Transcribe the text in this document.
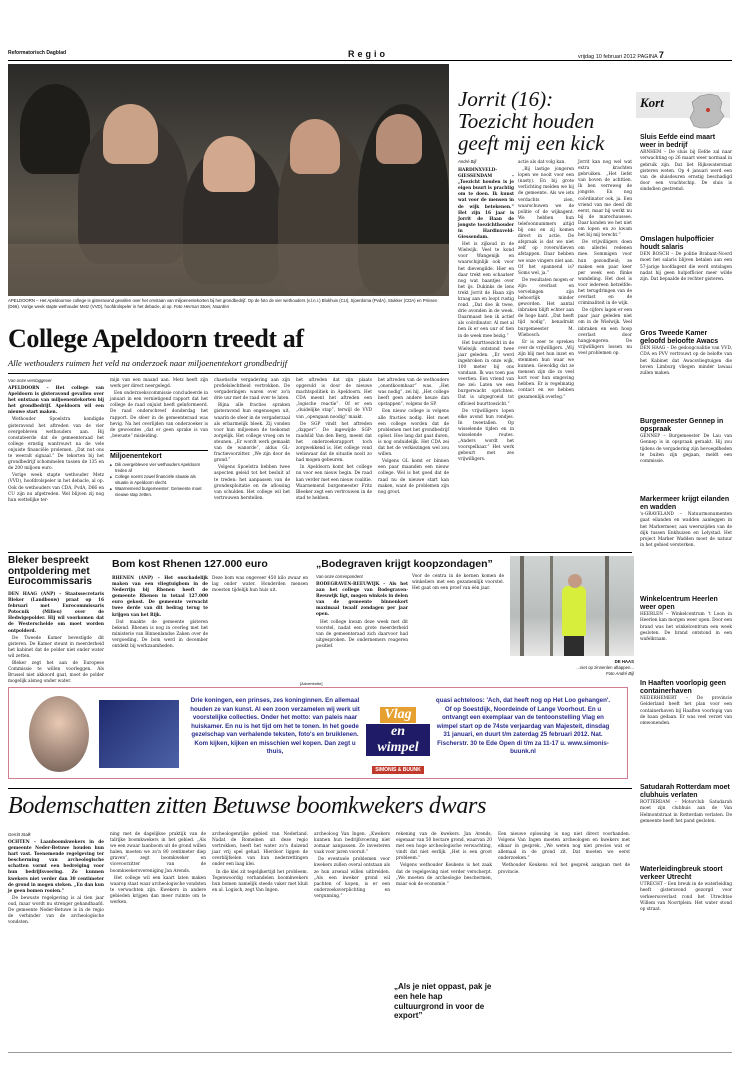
Reformatorisch Dagblad	Regio	vrijdag 10 februari 2012 PAGINA 7
APELDOORN – Het Apeldoornse college is gisteravond gevallen over het omstaan van miljoenentekorten bij het grondbedrijf. Op de foto de vier wethouders (v.l.n.r.) Blokhuis (CU), Sjoerdsma (PvdA), Stukker (CDA) en Prinsen (D66). Vorige week stapte wethouder Metz (VVD), hoofdrolspeler in het debacle, al op. Foto Herman Stoer, Naarden
College Apeldoorn treedt af
Alle wethouders ruimen het veld na onderzoek naar miljoenentekort grondbedrijf
Van onze verslaggever

APELDOORN – Het college van Apeldoorn is gisteravond gevallen over het ontstaan van miljoenentekorten bij het grondbedrijf. Apeldoorn wil een nieuwe start maken.

Wethouder Spoelstra kondigde gisteravond het aftreden van de vier overgebleven wethouders aan. Hij constateerde dat de gemeenteraad het college ernstig wantrouwt na de vele onjuiste financiële prolemen. „Dat nut ons te weeralt signaal.” De tekorten bij het grondbedrijf schommelen tussen de 135 en de 200 miljoen euro.

Vorige week stapte wethouder Metz (VVD), hoofdrolspeler in het debacle, al op. Ook de wethouders van CDA, PvdA, D66 en CU zijn nu afgetreden. Wel blijven zij nog hun wettelijke ter-

mijn van een maand aan. Metz heeft zijn werk per direct neergelegd.

Een onderzoekscommissie concludeerde in januari in een vernietigend rapport dat het college de raad onjuist heeft geïnformeerd. De raad onderschreef donderdag het rapport. De sfeer in de gemeenteraad was hevig. Na het overlijden van onderzoeker is de gewoontes „dat er geen sprake is van „bewuste” misleiding.

Miljoenentekort
■ Dik overgebleven vier wethouders Apeldoorn treden af
■ College noemt zowel financiële situatie als situatie in Apeldoorn slecht.
■ Waarnemend burgemeester: Gemeente moet nieuwe stap zetten.

chaotische vergadering aan zijn profielslechtheid vertrokken. De vergaderingen waren over zo'n drie uur met de raad over te laten.

Bijna alle fracties spraken gisteravond hun ongenoegen uit, waarin de sfeer in de vergaderzaal als erbarmelijk bleek. Zij vonden voor hun miljoenen de toekomst zorgelijk. Het college vroeg om te steunen. „Er wordt werk gemaakt van de wanorde”, aldus GL-fractievoorzitter. „We zijn door de grond.”

Volgens Spoelstra hebben twee aspecten geleid tot het besluit af te treden: het aanpassen van de grondexploitatie en de aflossing van schulden. Het college wil het vertrouwen herstellen.

het aftreden dat zijn plaats opgevuld is door de nieuwe machtspolitiek in Apeldoorn. Het CDA meent het aftreden een „logische reactie”. Of er een „duidelijke stap”, terwijl de VVD van „opengaan noodig” maakt.

De SGP vindt het aftreden „dapper”. De ingewijde SGP-raadslid Van den Berg, meent dat het onderzoeksrapport toch zorgwekkend is. Het college vond weliswaar dat de situatie nooit zo had mogen gebeuren.

In Apeldoorn komt het college nu voor een nieuw begin. De raad kan verder met een nieuw coalitie. Waarnemend burgemeester Fritz Bleeker zegt een vertrouwen in de stad te hebben.

het aftreden van de wethouders „onontkoombaar” was. „Het was nodig”, zei hij. „Het college heeft geen andere keuze dan opstappen”, volgens de SP.

Een nieuw college is volgens alle fracties nodig. Het moet een college worden dat de problemen met het grondbedrijf oplost. Hoe lang dat gaat duren, is nog onduidelijk. Het CDA zei dat het de verkiezingen wel zou willen.

Volgens GL komt er binnen een paar maanden een nieuw college. Wel is het goed dat de raad nu de nieuwe start kan maken, want de problemen zijn nog groot.

Jorrit (16): Toezicht houden geeft mij een kick
André Bijl

HARDINXVELD-GIESSENDAM – „Toezicht houden is je eigen buurt is prachtig om te doen. Ik kunst wat voor de mensen in de wijk betekenen.” Het zijn 16 jaar is Jorrit de Haan de jongste toezichthouder in Hardinxveld-Giessendam.

Het is zijkoud in de Wielwijk. Veel te kond voor Wangenijk en waarschijnlijk ook voor het dievengilde. Hier en daar trekt een schaatser nog wat baantjes over het ijs. Dukinks de lens trekt Jorrit de Haan zijn kraag aan en loopt rustig rond. „Dat doe ik twee, drie avonden in de week. Daarmaast ben ik actief als coördinator. Al met al ben ik er een uur of tien in de week mee bezig.”

Het buurttoezicht in de Wielwijk ontstond twee jaar geleden. „Er werd ingebroken in onze wijk, 100 meter bij ons vandaan. Ik was toen pas veertien. Een vriend van me zei: Laten we een burgerwacht oprichten. Dat is uitgegroeid tot officieel buurttoezicht.”

De vrijwilligers lopen elke avond hun rondjes. In tweetallen. Op wisselende tijden en in wisselende routes. „Anders wordt het voorspelbaar.” Het werk gebeurt met zes vrijwilligers.

actie als dat volg kan.

„Bij lastige jongeren lopen we nooit voor een (nasty). En bij grote verlichting melden we bij de gemeente. Als we iets verdachts zien, waarschuwen we de politie of de wijkagent. We hebben hun telefoonnummers altijd bij ons en zij komen direct in actie. De afspraak is dat we niet zelf op rovers/dieven afstappen. Daar hebben we onze vingers niet aan. Of het spannend is? Soms wel, ja.”

De resultaten mogen er zijn: overlast en vervelingen zijn behoorlijk minder geworden. Het aantal inbraken blijft echter aan de hoge kant. „Dat heeft tijd nodig”, benadrukt burgemeester M. Wiebosch.

Er is zeer te spreken over de vrijwilligers. „Wij zijn blij met hun inzet en stemmen hun waar we kunnen. Gewoldig dat ze mensen zijn die zo veel kort voor hun omgeving hebben. Er is regelmatig contact en we hebben gezamenlijk overleg.”

Jorrit kan nog wel wat extra krachten gebruiken. „Het liefst van boven de achttien. Ik ben verreweg de jongste. En nog coördinator ook, ja. Een vriend van me deed dit eerst, maar hij werkt nu bij de marechaussee. Daar konden we het niet om lopen en zo kwam het bij mij terecht.”

De vrijwilligers doen om allerlei redenen mee. Sommigen voor hun gezondheid; ze maken een paar keer per week een flinke wandeling. Het doel is voor iedereen hetzelfde: het terugdringen van de overlast en de criminaliteit in de wijk.

De cijfers lagen er een paar jaar geleden niet om in de Wielwijk. Veel inbraken en een hoop overlast door hangjongeren. De vrijwilligers lossen nu veel problemen op.

Kort
Sluis Eefde eind maart weer in bedrijf
ARNHEM – De sluis bij Eefde zal naar verwachting op 26 maart weer normaal in gebruik zijn. Dat liet Rijkswaterstaat gisteren weten. Op 4 januari werd een van de sluisdeuren ernstig beschadigd door een vrachtschip. De sluis is sindsdien gestremd.
Omslagen hulpofficier houdt salaris
DEN BOSCH – De politie Brabant-Noord moet het salaris blijven betalen aan een 57-jarige hoofdagent die werd ontslagen nadat hij geen hulpofficier meer wilde zijn. Dat bepaalde de rechter gisteren.
Gros Tweede Kamer geloofd beloofte Awacs
DEN HAAG – De gedoogcoalitie van VVD, CDA en PVV vertrouwt op de belofte van het Kabinet dat Awacsvliegtuigen die boven Limburg vliegen minder lawaai zullen maken.
Burgemeester Gennep in opspraak
GENNEP – Burgemeester De Lau van Gennep is in opspraak geraakt. Hij zou tijdens de vergadering zijn bevoegdheden te buiten zijn gegaan, meldt een commissie.
Markermeer krijgt eilanden en wadden
's-GRAVELAND – Natuurmonumenten gaat eilanden en wadden aanleggen in het Markermeer, aan weerszijden van de dijk tussen Enkhuizen en Lelystad. Het project Marker Wadden moet de natuur in het gebied versterken.
Winkelcentrum Heerlen weer open
HEERLEN – Winkelcentrum 't Loon in Heerlen kan morgen weer open. Door een brand was het winkelcentrum een week gesloten. De brand ontstond in een wafelkraam.
In Haaften voorlopig geen containerhaven
NEDERHEMERT – De provincie Gelderland heeft het plan voor een containerhaven bij Haaften voorlopig van de baan gedaan. Er was veel verzet van omwonenden.
Satudarah Rotterdam moet clubhuis verlaten
ROTTERDAM – Motorclub Satudarah moet zijn clubhuis aan de Van Helmontstraat in Rotterdam verlaten. De gemeente heeft het pand gesloten.
Waterleidingbreuk stoort verkeer Utrecht
UTRECHT – Een breuk in de waterleiding heeft gisteravond gezorgd voor verkeersoverlast rond het Utrechtse Willem van Noortplein. Het water stond op straat.
Bleker bespreekt ontpoldering met Eurocommissaris

DEN HAAG (ANP) – Staatssecretaris Bleker (Landbouw) praat op 16 februari met Eurocommissaris Potocnik (Milieu) over de Hedwigepolder. Hij wil voorkomen dat de Westerschelde om moet worden ontpolderd.

De Tweede Kamer bevestigde dit gisteren. De Kamer steunt in meerderheid het kabinet dat de polder niet onder water wil zetten.

Bleker zegt het aan de Europese Commissie te willen voorleggen. Als Brussel niet akkoord gaat, moet de polder mogelijk alsnog onder water.

Bom kost Rhenen 127.000 euro

RHENEN (ANP) – Het onschadelijk maken van een vliegtuigbom in de Nederrijn bij Rhenen heeft de gemeente Rhenen in totaal 127.000 euro gekost. De gemeente verwacht twee derde van dit bedrag terug te krijgen van het Rijk.

Dat maakte de gemeente gisteren bekend. Rhenen is nog in overleg met het ministerie van Binnenlandse Zaken over de vergoeding. De bom werd in december ontdekt bij werkzaamheden.

Deze bom was ongeveer 450 kilo zwaar en lag onder water. Honderden mensen moesten tijdelijk hun huis uit.

„Bodegraven krijgt koopzondagen”
Van onze correspondent

BODEGRAVEN-REEUWIJK – Als het aan het college van Bodegraven-Reeuwijk ligt, mogen winkels in delen van de gemeente binnenkort maximaal twaalf zondagen per jaar open.

Het college kwam deze week met dit voorstel, nadat een grote meerderheid van de gemeenteraad zich daarvoor had uitgesproken. De ondernemers reageren positief.

Voor de centra in de kernen komen de winkeliers met een gezamenlijk voorstel. Het gaat om een proef van één jaar.

DE HAAS
...niet op zinnenlen aftappen...
Foto André Bijl
[Advertentie]
Drie koningen, een prinses, zes koninginnen. En allemaal houden ze van kunst. Al een zoon verzamelen wij werk uit voorstelijke collecties. Onder het motto: van paleis naar huiskamer. En nu is het tijd om het te tonen. In het goede gezelschap van verhalende teksten, foto's en bruiklenen. Kom kijken, kijken en misschien wel kopen. Dan zegt u thuis,
Vlag
en wimpel
SIMONIS & BUUNK
quasi achteloos: 'Ach, dat heeft nog op Het Loo gehangen'. Of op Soestdijk, Noordeinde of Lange Voorhout. En u ontvangt een exemplaar van de tentoonstelling Vlag en wimpel start op de 74ste verjaardag van Majesteit, dinsdag 31 januari, en duurt t/m zaterdag 25 februari 2012. Nat. Fischerstr. 30 te Ede Open di t/m za 11-17 u. www.simonis-buunk.nl
Bodemschatten zitten Betuwse boomkwekers dwars
Gerritt Stalk

OCHTEN – Laanboomkwekers in de gemeente Neder-Betuwe houden hun hart vast. Toenemende regelgeving ter bescherming van archeologische schatten vormt een bedreiging voor hun bedrijfsvoering. Zo kunnen kwekers niet verder dan 30 centimeter de grond in mogen steken. „En dan kun je geen bomen rooien.”

De bewuste regelgeving is al tien jaar oud, maar wordt nu strenger gehandhaafd. De gemeente Neder-Betuwe is in de regio de verbinder van de archeologische vondsten.

ning met de dagelijkse praktijk van de talrijke boomkwekers in het gebied. „Als we een zwaar laanboom uit de grond willen halen, moeten we zo'n 80 centimeter diep graven”, zegt boomkweker en vicevoorzitter van de boomkwekersvereniging Jan Arends.

Het college wil een kaart laten maken waarop staat waar archeologische vondsten te verwachten zijn. Kwekers in andere gebieden krijgen dan meer ruimte om te werken.

archeologenrijke gebied van Nederland. Nadat de Romeinen uit deze regio vertrokken, heeft het water zo'n duizend jaar vrij spel gehad. Hierdoor liggen de overblijfselen van hun nederzettingen onder een laag klei.

In die klei zit tegelijkertijd het probleem. Tegenwoordig verhandelen boomkwekers hun bomen namelijk steeds vaker met kluit en al. Logisch, zegt Van Ingen.

archeoloog Van Ingen. „Kwekers kunnen hun bedrijfsvoering niet zomaar aanpassen. Ze investeren vaak voor jaren vooruit.”

De eventuele problemen voor kwekers zullen overal ontstaan als ze hun arsenal willen uitbreiden. „Als een kweker grond wil pachten of kopen, is er een onderzoeksverplichting en vergunning.”

„Als je niet oppast, pak je een hele hap cultuurgrond in voor de export”

rekening van de kwekers. Jan Arends, eigenaar van 50 hectare grond, waarvan 20 met een hoge archeologische verwachting, vindt dat niet eerlijk. „Het is een groot probleem.”

Volgens wethouder Keukens is het zaak dat de regelgeving niet verder verscherpt. „We moeten de archeologie beschermen, maar ook de economie.”

Een nieuwe oplossing is nog niet direct voorhanden. Volgens Van Ingen moeten archeologen en kwekers met elkaar in gesprek. „We weten nog niet precies wat er allemaal in de grond zit. Dat moeten we eerst onderzoeken.”

Wethouder Keukens wil het gesprek aangaan met de provincie.
